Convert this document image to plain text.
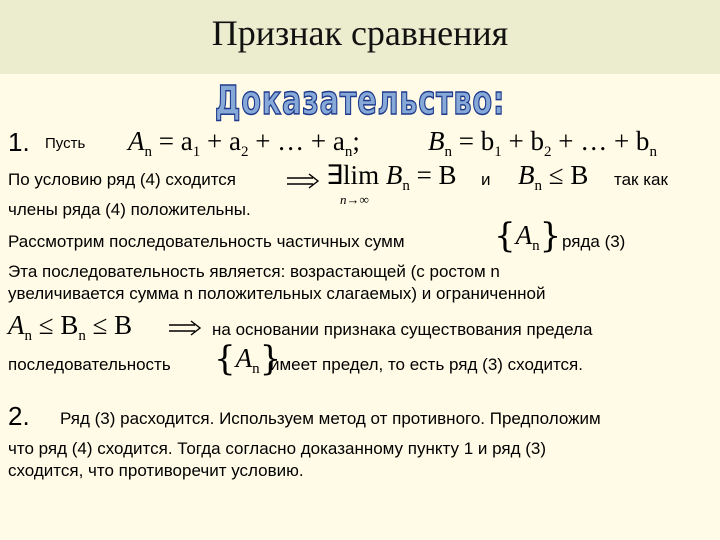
Признак сравнения
Доказательство:
1. Пусть $A_n = a_1 + a_2$ + … + $a_n$;	$B_n = b_1 + b_2$ + … + $b_n$
По условию ряд (4) сходится	∃lim $B_n = B$
n→∞
и $B_n \le B$ так как
члены ряда (4) положительны.
Рассмотрим последовательность частичных сумм	$\{A_n\}$ ряда (3)
Эта последовательность является: возрастающей (с ростом n
увеличивается сумма n положительных слагаемых) и ограниченной
$A_n \le B_n \le B$	на основании признака существования предела
последовательность $\{A_n\}$
имеет предел, то есть ряд (3) сходится.
2. Ряд (3) расходится. Используем метод от противного. Предположим
что ряд (4) сходится. Тогда согласно доказанному пункту 1 и ряд (3)
сходится, что противоречит условию.
